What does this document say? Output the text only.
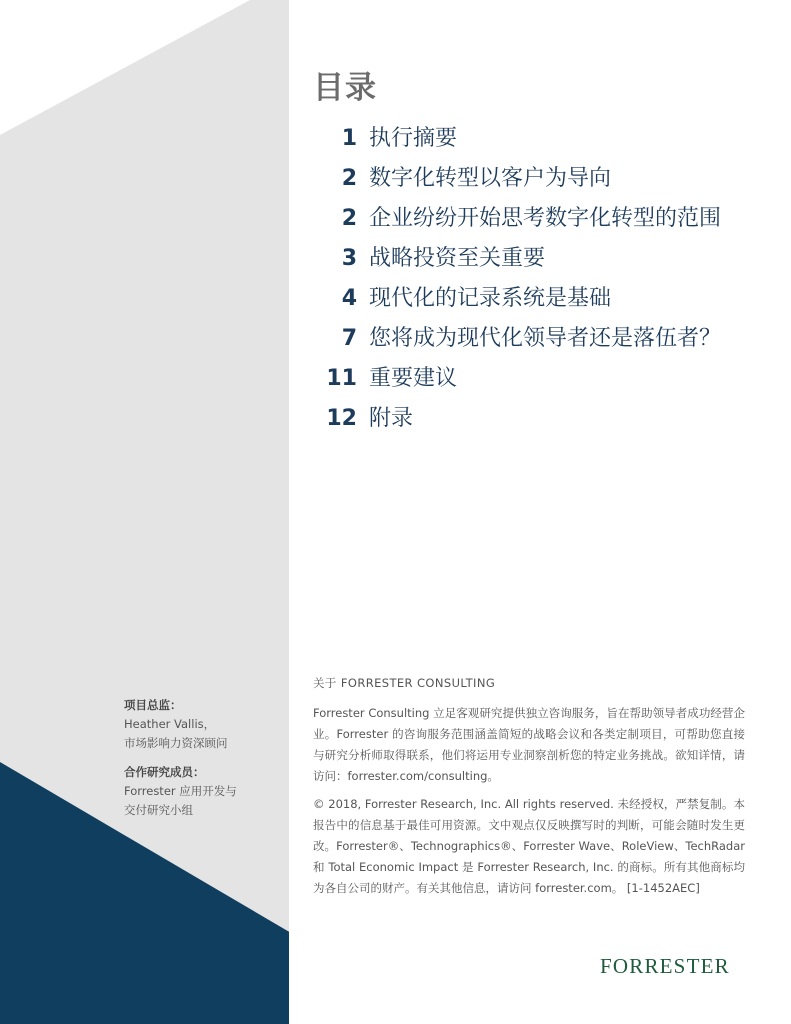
目录
1 执行摘要
2 数字化转型以客户为导向
2 企业纷纷开始思考数字化转型的范围
3 战略投资至关重要
4 现代化的记录系统是基础
7 您将成为现代化领导者还是落伍者？
11 重要建议
12 附录
项目总监：
Heather Vallis，
市场影响力资深顾问
合作研究成员：
Forrester 应用开发与
交付研究小组
关于 FORRESTER CONSULTING
Forrester Consulting 立足客观研究提供独立咨询服务，旨在帮助领导者成功经营企业。Forrester 的咨询服务范围涵盖简短的战略会议和各类定制项目，可帮助您直接与研究分析师取得联系，他们将运用专业洞察剖析您的特定业务挑战。欲知详情，请访问：forrester.com/consulting。
© 2018, Forrester Research, Inc. All rights reserved. 未经授权，严禁复制。本报告中的信息基于最佳可用资源。文中观点仅反映撰写时的判断，可能会随时发生更改。Forrester®、Technographics®、Forrester Wave、RoleView、TechRadar 和 Total Economic Impact 是 Forrester Research, Inc. 的商标。所有其他商标均为各自公司的财产。有关其他信息，请访问 forrester.com。 [1-1452AEC]
FORRESTER
